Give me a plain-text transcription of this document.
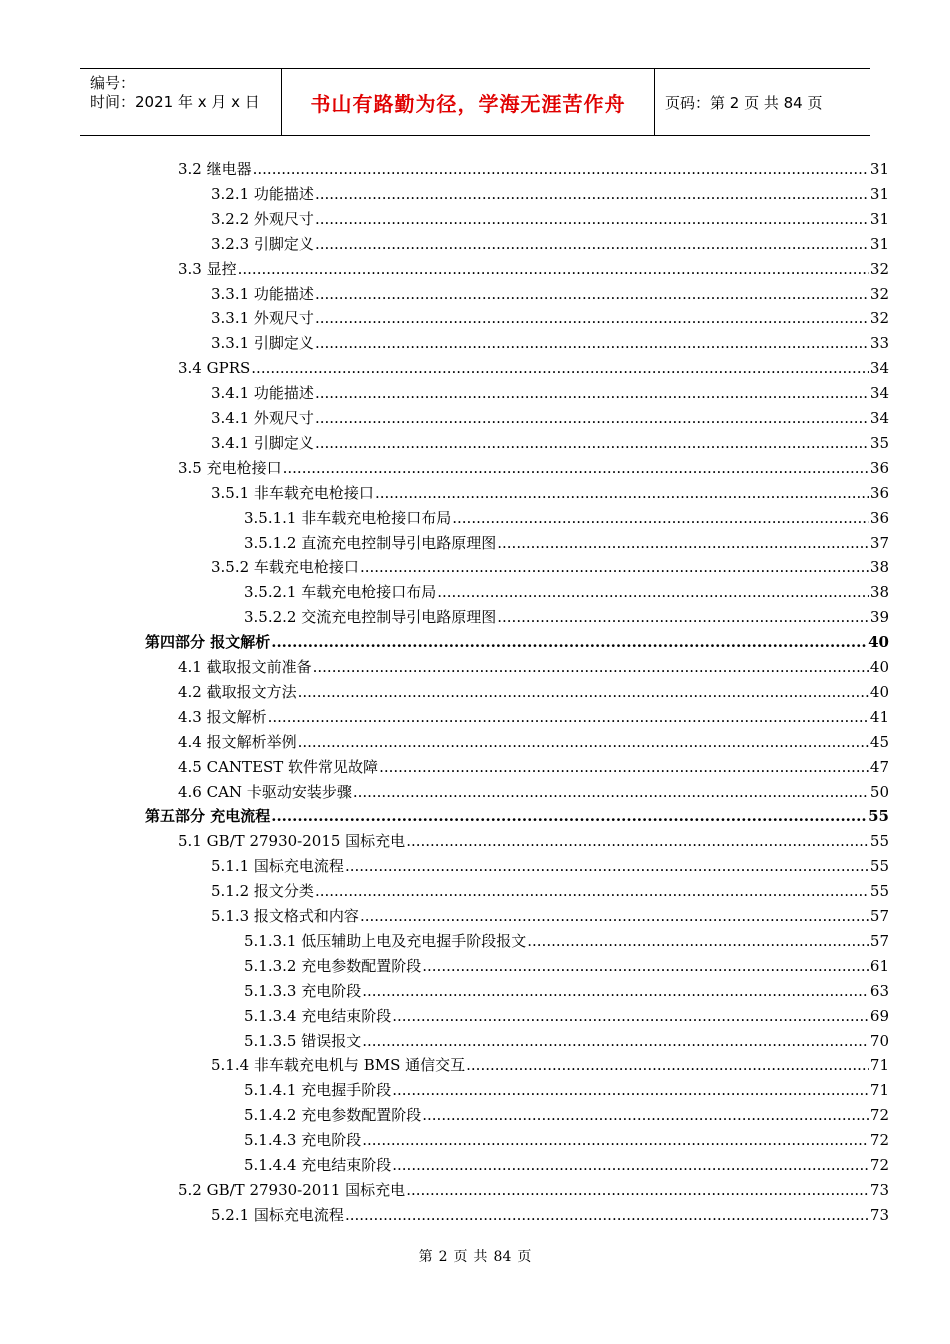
编号：
时间：2021 年 x 月 x 日	书山有路勤为径，学海无涯苦作舟	页码：第 2 页 共 84 页
3.2 继电器 .....	31
3.2.1 功能描述 .....	31
3.2.2 外观尺寸 .....	31
3.2.3 引脚定义 .....	31
3.3 显控 .....	32
3.3.1 功能描述 .....	32
3.3.1 外观尺寸 .....	32
3.3.1 引脚定义 .....	33
3.4 GPRS .....	34
3.4.1 功能描述 .....	34
3.4.1 外观尺寸 .....	34
3.4.1 引脚定义 .....	35
3.5 充电枪接口 .....	36
3.5.1 非车载充电枪接口 .....	36
3.5.1.1 非车载充电枪接口布局 .....	36
3.5.1.2 直流充电控制导引电路原理图 .....	37
3.5.2 车载充电枪接口 .....	38
3.5.2.1 车载充电枪接口布局 .....	38
3.5.2.2 交流充电控制导引电路原理图 .....	39
第四部分 报文解析 .....	40
4.1 截取报文前准备 .....	40
4.2 截取报文方法 .....	40
4.3 报文解析 .....	41
4.4 报文解析举例 .....	45
4.5 CANTEST 软件常见故障 .....	47
4.6 CAN 卡驱动安装步骤 .....	50
第五部分 充电流程 .....	55
5.1 GB/T 27930-2015 国标充电 .....	55
5.1.1 国标充电流程 .....	55
5.1.2 报文分类 .....	55
5.1.3 报文格式和内容 .....	57
5.1.3.1 低压辅助上电及充电握手阶段报文 .....	57
5.1.3.2 充电参数配置阶段 .....	61
5.1.3.3 充电阶段 .....	63
5.1.3.4 充电结束阶段 .....	69
5.1.3.5 错误报文 .....	70
5.1.4 非车载充电机与 BMS 通信交互 .....	71
5.1.4.1 充电握手阶段 .....	71
5.1.4.2 充电参数配置阶段 .....	72
5.1.4.3 充电阶段 .....	72
5.1.4.4 充电结束阶段 .....	72
5.2 GB/T 27930-2011 国标充电 .....	73
5.2.1 国标充电流程 .....	73
第 2 页 共 84 页
